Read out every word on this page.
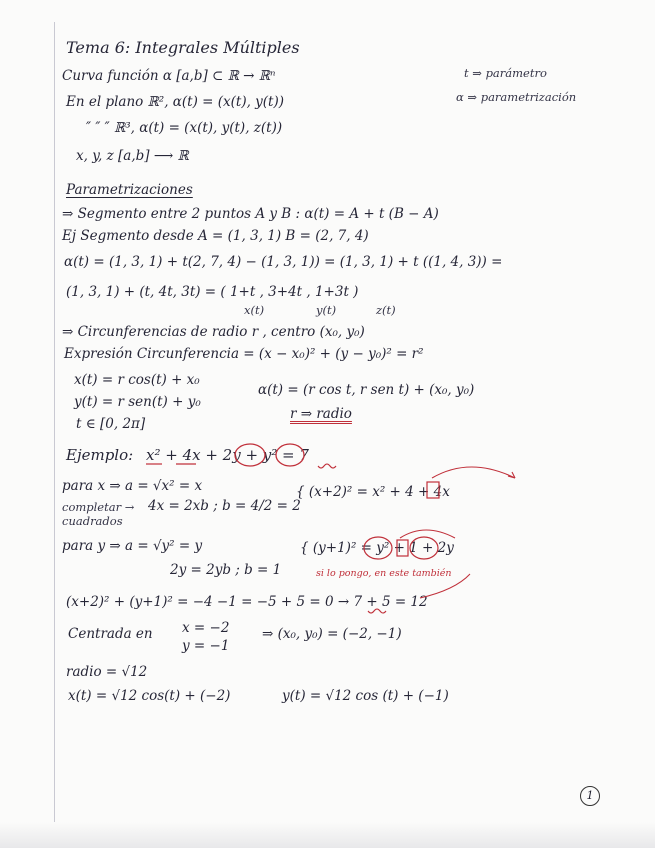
Tema 6: Integrales Múltiples
Curva función α [a,b] ⊂ ℝ → ℝⁿ	t ⇒ parámetro
α ⇒ parametrización
En el plano ℝ², α(t) = (x(t), y(t))
″ ″ ″ ℝ³, α(t) = (x(t), y(t), z(t))
x, y, z [a,b] ⟶ ℝ
Parametrizaciones
⇒ Segmento entre 2 puntos A y B : α(t) = A + t (B − A)
Ej Segmento desde A = (1, 3, 1) B = (2, 7, 4)
α(t) = (1, 3, 1) + t(2, 7, 4) − (1, 3, 1)) = (1, 3, 1) + t ((1, 4, 3)) =
(1, 3, 1) + (t, 4t, 3t) = ( 1+t , 3+4t , 1+3t )
x(t)	y(t)	z(t)
⇒ Circunferencias de radio r , centro (x₀, y₀)
Expresión Circunferencia = (x − x₀)² + (y − y₀)² = r²
x(t) = r cos(t) + x₀
y(t) = r sen(t) + y₀
t ∈ [0, 2π]
α(t) = (r cos t, r sen t) + (x₀, y₀)
r ⇒ radio
Ejemplo: x² + 4x + 2y + y² = 7
para x ⇒ a = √x² = x	{ (x+2)² = x² + 4 + 4x
completar → 4x = 2xb ; b = 4/2 = 2
cuadrados
para y ⇒ a = √y² = y	{ (y+1)² = y² + 1 + 2y
2y = 2yb ; b = 1	si lo pongo, en este también
(x+2)² + (y+1)² = −4 −1 = −5 + 5 = 0 → 7 + 5 = 12
Centrada en x = −2
y = −1
⇒ (x₀, y₀) = (−2, −1)
radio = √12
x(t) = √12 cos(t) + (−2)	y(t) = √12 cos (t) + (−1)
1
